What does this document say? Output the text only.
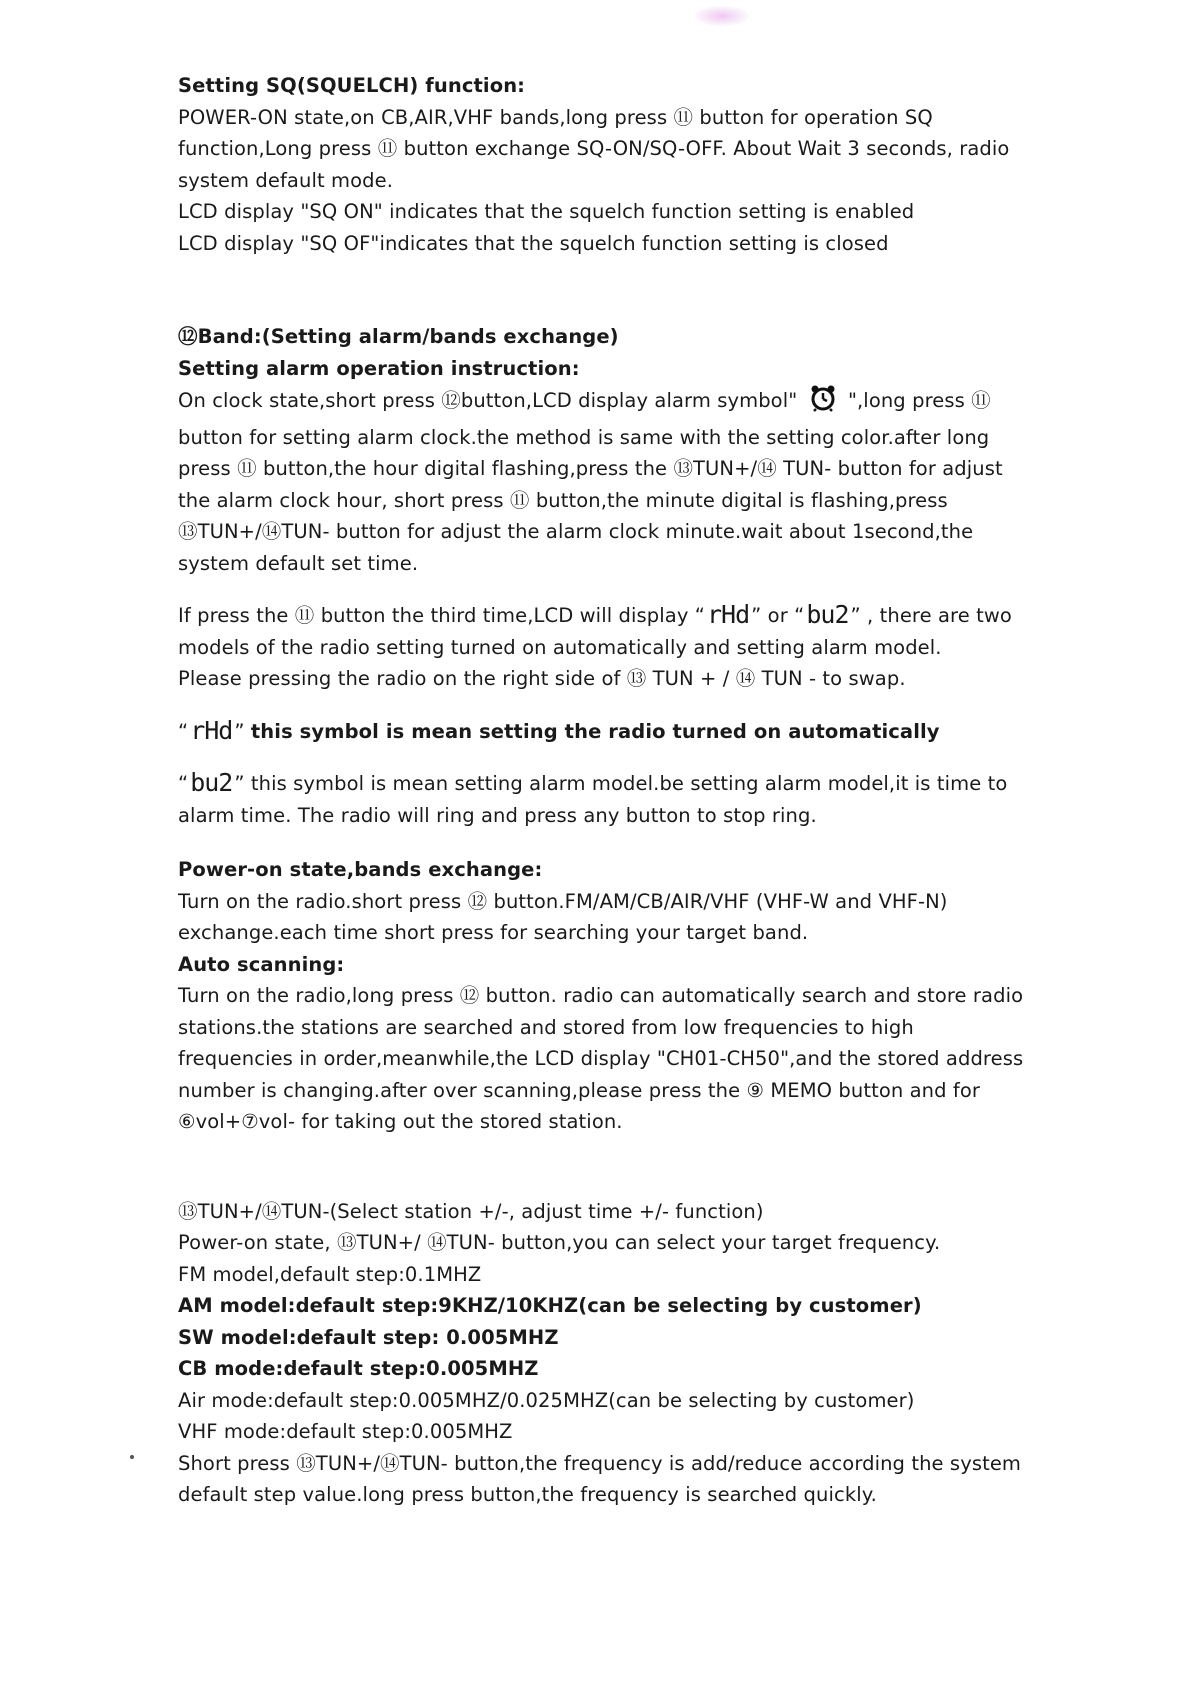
Setting SQ(SQUELCH) function:

POWER-ON state,on CB,AIR,VHF bands,long press ⑪ button for operation SQ function,Long press ⑪ button exchange SQ-ON/SQ-OFF. About Wait 3 seconds, radio system default mode.

LCD display "SQ ON" indicates that the squelch function setting is enabled

LCD display "SQ OF"indicates that the squelch function setting is closed

⑫Band:(Setting alarm/bands exchange)

Setting alarm operation instruction:

On clock state,short press ⑫button,LCD display alarm symbol"	",long press ⑪ button for setting alarm clock.the method is same with the setting color.after long press ⑪ button,the hour digital flashing,press the ⑬TUN+/⑭ TUN- button for adjust the alarm clock hour, short press ⑪ button,the minute digital is flashing,press ⑬TUN+/⑭TUN- button for adjust the alarm clock minute.wait about 1second,the system default set time.

If press the ⑪ button the third time,LCD will display “rHd ” or “bu2 ” , there are two models of the radio setting turned on automatically and setting alarm model.

Please pressing the radio on the right side of ⑬ TUN + / ⑭ TUN - to swap.

“rHd ” this symbol is mean setting the radio turned on automatically

“bu2 ” this symbol is mean setting alarm model.be setting alarm model,it is time to alarm time. The radio will ring and press any button to stop ring.

Power-on state,bands exchange:

Turn on the radio.short press ⑫ button.FM/AM/CB/AIR/VHF (VHF-W and VHF-N) exchange.each time short press for searching your target band.

Auto scanning:

Turn on the radio,long press ⑫ button. radio can automatically search and store radio stations.the stations are searched and stored from low frequencies to high frequencies in order,meanwhile,the LCD display "CH01-CH50",and the stored address number is changing.after over scanning,please press the ⑨ MEMO button and for ⑥vol+⑦vol- for taking out the stored station.

⑬TUN+/⑭TUN-(Select station +/-, adjust time +/- function)

Power-on state, ⑬TUN+/ ⑭TUN- button,you can select your target frequency.

FM model,default step:0.1MHZ

AM model:default step:9KHZ/10KHZ(can be selecting by customer)

SW model:default step: 0.005MHZ

CB mode:default step:0.005MHZ

Air mode:default step:0.005MHZ/0.025MHZ(can be selecting by customer)

VHF mode:default step:0.005MHZ

Short press ⑬TUN+/⑭TUN- button,the frequency is add/reduce according the system default step value.long press button,the frequency is searched quickly.
